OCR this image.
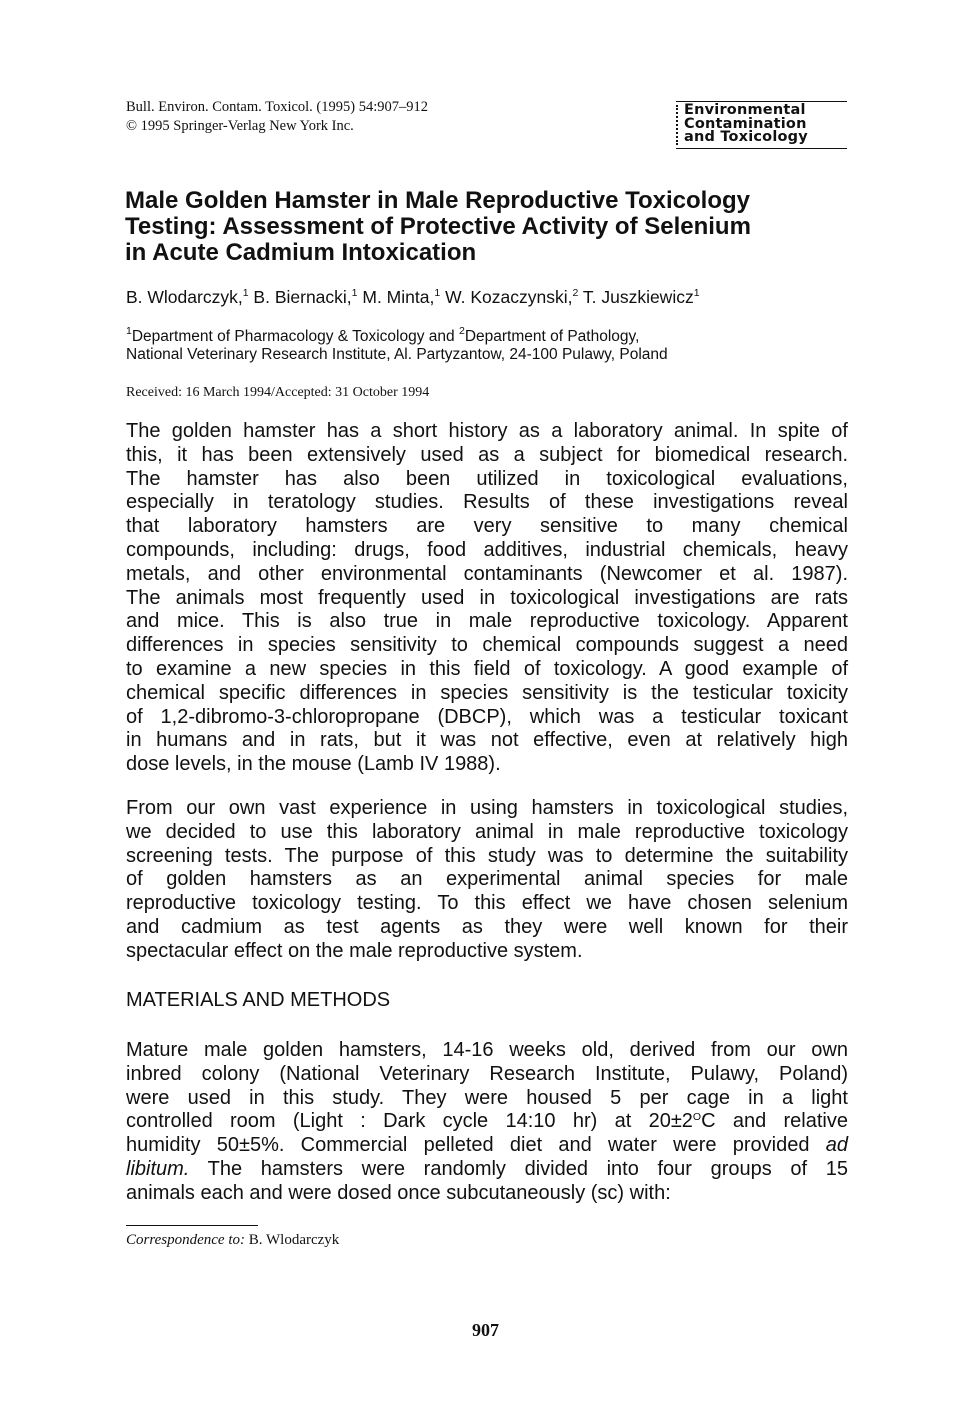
Bull. Environ. Contam. Toxicol. (1995) 54:907–912
© 1995 Springer-Verlag New York Inc.
Environmental
Contamination
and Toxicology
Male Golden Hamster in Male Reproductive Toxicology
Testing: Assessment of Protective Activity of Selenium
in Acute Cadmium Intoxication
B. Wlodarczyk,$^1$ B. Biernacki,$^1$ M. Minta,$^1$ W. Kozaczynski,$^2$ T. Juszkiewicz$^1$
$^1$Department of Pharmacology & Toxicology and $^2$Department of Pathology,
National Veterinary Research Institute, Al. Partyzantow, 24-100 Pulawy, Poland
Received: 16 March 1994/Accepted: 31 October 1994
The golden hamster has a short history as a laboratory animal. In spite of
this, it has been extensively used as a subject for biomedical research.
The hamster has also been utilized in toxicological evaluations,
especially in teratology studies. Results of these investigations reveal
that laboratory hamsters are very sensitive to many chemical
compounds, including: drugs, food additives, industrial chemicals, heavy
metals, and other environmental contaminants (Newcomer et al. 1987).
The animals most frequently used in toxicological investigations are rats
and mice. This is also true in male reproductive toxicology. Apparent
differences in species sensitivity to chemical compounds suggest a need
to examine a new species in this field of toxicology. A good example of
chemical specific differences in species sensitivity is the testicular toxicity
of 1,2-dibromo-3-chloropropane (DBCP), which was a testicular toxicant
in humans and in rats, but it was not effective, even at relatively high
dose levels, in the mouse (Lamb IV 1988).
From our own vast experience in using hamsters in toxicological studies,
we decided to use this laboratory animal in male reproductive toxicology
screening tests. The purpose of this study was to determine the suitability
of golden hamsters as an experimental animal species for male
reproductive toxicology testing. To this effect we have chosen selenium
and cadmium as test agents as they were well known for their
spectacular effect on the male reproductive system.
MATERIALS AND METHODS
Mature male golden hamsters, 14-16 weeks old, derived from our own
inbred colony (National Veterinary Research Institute, Pulawy, Poland)
were used in this study. They were housed 5 per cage in a light
controlled room (Light : Dark cycle 14:10 hr) at $20\pm 2^OC$ and relative
humidity 50±5%. Commercial pelleted diet and water were provided ad
libitum. The hamsters were randomly divided into four groups of 15
animals each and were dosed once subcutaneously (sc) with:
Correspondence to: B. Wlodarczyk
907
